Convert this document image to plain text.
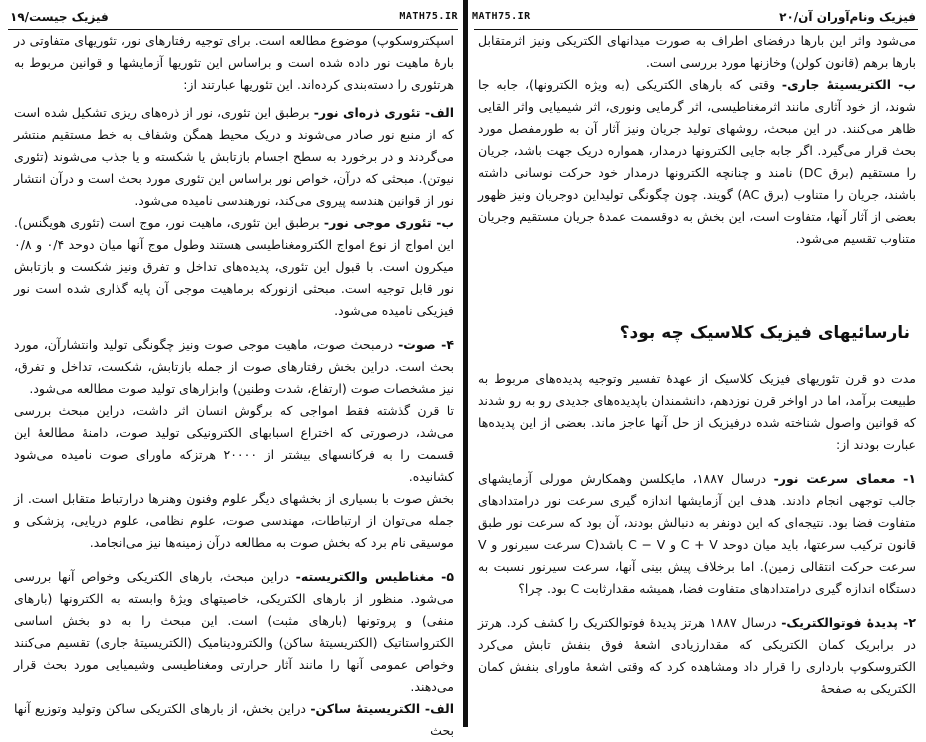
فیزیک جیست/۱۹	MATH75.IR

اسپکتروسکوپ) موضوع مطالعه است. برای توجیه رفتارهای نور، تئوریهای متفاوتی در بارهٔ ماهیت نور داده شده است و براساس این تئوریها آزمایشها و قوانین مربوط به هرتئوری را دسته‌بندی کرده‌اند. این تئوریها عبارتند از:

الف- تئوری ذره‌ای نور- برطبق این تئوری، نور از ذره‌های ریزی تشکیل شده است که از منبع نور صادر می‌شوند و دریک محیط همگن وشفاف به خط مستقیم منتشر می‌گردند و در برخورد به سطح اجسام بازتابش یا شکسته و یا جذب می‌شوند (تئوری نیوتن). مبحثی که درآن، خواص نور براساس این تئوری مورد بحث است و درآن انتشار نور از قوانین هندسه پیروی می‌کند، نورهندسی نامیده می‌شود.

ب- تئوری موجی نور- برطبق این تئوری، ماهیت نور، موج است (تئوری هویگنس). این امواج از نوع امواج الکترومغناطیسی هستند وطول موج آنها میان دوحد ۰/۴ و ۰/۸ میکرون است. با قبول این تئوری، پدیده‌های تداخل و تفرق ونیز شکست و بازتابش نور قابل توجیه است. مبحثی ازنورکه برماهیت موجی آن پایه گذاری شده است نور فیزیکی نامیده می‌شود.

۴- صوت- درمبحث صوت، ماهیت موجی صوت ونیز چگونگی تولید وانتشارآن، مورد بحث است. دراین بخش رفتارهای صوت از جمله بازتابش، شکست، تداخل و تفرق، نیز مشخصات صوت (ارتفاع، شدت وطنین) وابزارهای تولید صوت مطالعه می‌شود.

تا قرن گذشته فقط امواجی که برگوش انسان اثر داشت، دراین مبحث بررسی می‌شد، درصورتی که اختراع اسبابهای الکترونیکی تولید صوت، دامنهٔ مطالعهٔ این قسمت را به فرکانسهای بیشتر از ۲۰۰۰۰ هرتزکه ماورای صوت نامیده می‌شود کشانیده.

بخش صوت با بسیاری از بخشهای دیگر علوم وفنون وهنرها درارتباط متقابل است. از جمله می‌توان از ارتباطات، مهندسی صوت، علوم نظامی، علوم دریایی، پزشکی و موسیقی نام برد که بخش صوت به مطالعه درآن زمینه‌ها نیز می‌انجامد.

۵- مغناطیس والکتریسته- دراین مبحث، بارهای الکتریکی وخواص آنها بررسی می‌شود. منظور از بارهای الکتریکی، خاصیتهای ویژهٔ وابسته به الکترونها (بارهای منفی) و پروتونها (بارهای مثبت) است. این مبحث را به دو بخش اساسی الکترواستاتیک (الکتریسیتهٔ ساکن) والکترودینامیک (الکتریسیتهٔ جاری) تقسیم می‌کنند وخواص عمومی آنها را مانند آثار حرارتی ومغناطیسی وشیمیایی مورد بحث قرار می‌دهند.

الف- الکتریسیتهٔ ساکن- دراین بخش، از بارهای الکتریکی ساکن وتولید وتوزیع آنها بحث

MATH75.IR	۲۰/فیزیک ونام‌آوران آن

می‌شود واثر این بارها درفضای اطراف به صورت میدانهای الکتریکی ونیز اثرمتقابل بارها برهم (قانون کولن) وخازنها مورد بررسی است.

ب- الکتریسیتهٔ جاری- وقتی که بارهای الکتریکی (به ویژه الکترونها)، جابه جا شوند، از خود آثاری مانند اثرمغناطیسی، اثر گرمایی ونوری، اثر شیمیایی واثر القایی ظاهر می‌کنند. در این مبحث، روشهای تولید جریان ونیز آثار آن به طورمفصل مورد بحث قرار می‌گیرد. اگر جابه جایی الکترونها درمدار، همواره دریک جهت باشد، جریان را مستقیم (برق DC) نامند و چنانچه الکترونها درمدار خود حرکت نوسانی داشته باشند، جریان را متناوب (برق AC) گویند. چون چگونگی تولیداین دوجریان ونیز ظهور بعضی از آثار آنها، متفاوت است، این بخش به دوقسمت عمدهٔ جریان مستقیم وجریان متناوب تقسیم می‌شود.

نارسائیهای فیزیک کلاسیک چه بود؟

مدت دو قرن تئوریهای فیزیک کلاسیک از عهدهٔ تفسیر وتوجیه پدیده‌های مربوط به طبیعت برآمد، اما در اواخر قرن نوزدهم، دانشمندان باپدیده‌های جدیدی رو به رو شدند که قوانین واصول شناخته شده درفیزیک از حل آنها عاجز ماند. بعضی از این پدیده‌ها عبارت بودند از:

۱- معمای سرعت نور- درسال ۱۸۸۷، مایکلسن وهمکارش مورلی آزمایشهای جالب توجهی انجام دادند. هدف این آزمایشها اندازه گیری سرعت نور درامتدادهای متفاوت فضا بود. نتیجه‌ای که این دونفر به دنبالش بودند، آن بود که سرعت نور طبق قانون ترکیب سرعتها، باید میان دوحد C + V و C − V باشد(C سرعت سیرنور و V سرعت حرکت انتقالی زمین). اما برخلاف پیش بینی آنها، سرعت سیرنور نسبت به دستگاه اندازه گیری درامتدادهای متفاوت فضا، همیشه مقدارثابت C بود. چرا؟

۲- پدیدهٔ فوتوالکتریک- درسال ۱۸۸۷ هرتز پدیدهٔ فوتوالکتریک را کشف کرد. هرتز در برابریک کمان الکتریکی که مقدارزیادی اشعهٔ فوق بنفش تابش می‌کرد الکتروسکوپ بارداری را قرار داد ومشاهده کرد که وقتی اشعهٔ ماورای بنفش کمان الکتریکی به صفحهٔ
